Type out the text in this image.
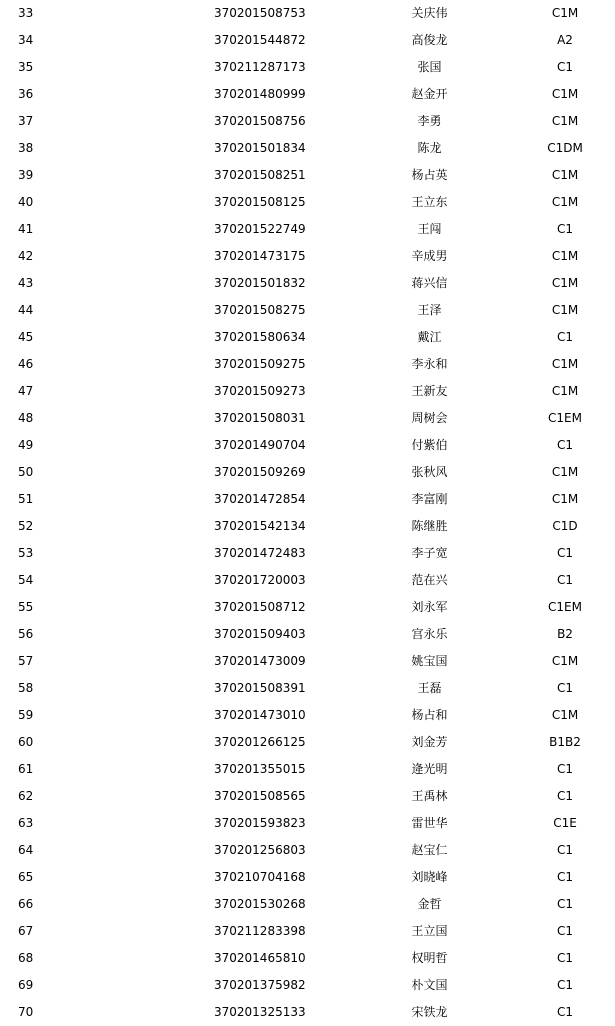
33	370201508753	关庆伟	C1M
34	370201544872	高俊龙	A2
35	370211287173	张国	C1
36	370201480999	赵金开	C1M
37	370201508756	李勇	C1M
38	370201501834	陈龙	C1DM
39	370201508251	杨占英	C1M
40	370201508125	王立东	C1M
41	370201522749	王闯	C1
42	370201473175	辛成男	C1M
43	370201501832	蒋兴信	C1M
44	370201508275	王泽	C1M
45	370201580634	戴江	C1
46	370201509275	李永和	C1M
47	370201509273	王新友	C1M
48	370201508031	周树会	C1EM
49	370201490704	付紫伯	C1
50	370201509269	张秋风	C1M
51	370201472854	李富刚	C1M
52	370201542134	陈继胜	C1D
53	370201472483	李子宽	C1
54	370201720003	范在兴	C1
55	370201508712	刘永军	C1EM
56	370201509403	宫永乐	B2
57	370201473009	姚宝国	C1M
58	370201508391	王磊	C1
59	370201473010	杨占和	C1M
60	370201266125	刘金芳	B1B2
61	370201355015	逄光明	C1
62	370201508565	王禹林	C1
63	370201593823	雷世华	C1E
64	370201256803	赵宝仁	C1
65	370210704168	刘晓峰	C1
66	370201530268	金哲	C1
67	370211283398	王立国	C1
68	370201465810	权明哲	C1
69	370201375982	朴文国	C1
70	370201325133	宋铁龙	C1
